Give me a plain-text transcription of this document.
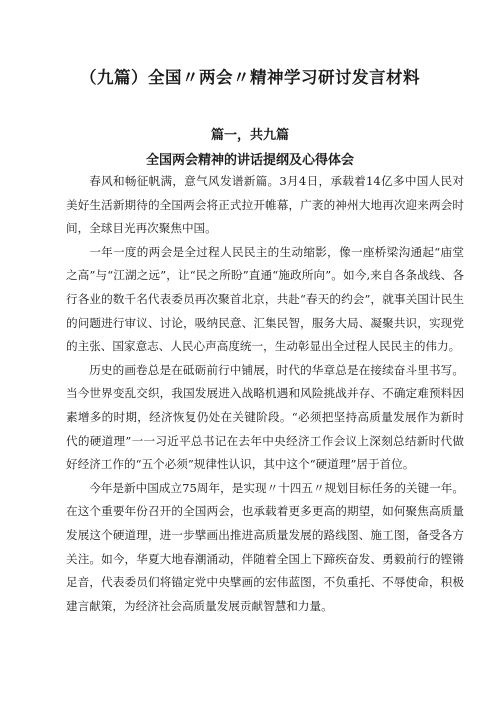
（九篇）全国〃两会〃精神学习研讨发言材料
篇一，共九篇
全国两会精神的讲话提纲及心得体会

春风和畅征帆满，意气风发谱新篇。3月4日，承载着14亿多中国人民对美好生活新期待的全国两会将正式拉开帷幕，广袤的神州大地再次迎来两会时间，全球目光再次聚焦中国。

一年一度的两会是全过程人民民主的生动缩影，像一座桥梁沟通起“庙堂之高”与“江湖之远”，让“民之所盼”直通“施政所向”。如今,来自各条战线、各行各业的数千名代表委员再次聚首北京，共赴“春天的约会”，就事关国计民生的问题进行审议、讨论，吸纳民意、汇集民智，服务大局、凝聚共识，实现党的主张、国家意志、人民心声高度统一，生动彰显出全过程人民民主的伟力。

历史的画卷总是在砥砺前行中铺展，时代的华章总是在接续奋斗里书写。当今世界变乱交织，我国发展进入战略机遇和风险挑战并存、不确定难预料因素增多的时期，经济恢复仍处在关键阶段。“必须把坚持高质量发展作为新时代的硬道理”一一习近平总书记在去年中央经济工作会议上深刻总结新时代做好经济工作的“五个必须”规律性认识，其中这个“硬道理”居于首位。

今年是新中国成立75周年，是实现〃十四五〃规划目标任务的关键一年。在这个重要年份召开的全国两会，也承载着更多更高的期望，如何聚焦高质量发展这个硬道理，进一步擘画出推进高质量发展的路线图、施工图，备受各方关注。如今，华夏大地春潮涌动，伴随着全国上下蹄疾奋发、勇毅前行的铿锵足音，代表委员们将锚定党中央擘画的宏伟蓝图，不负重托、不辱使命，积极建言献策，为经济社会高质量发展贡献智慧和力量。
